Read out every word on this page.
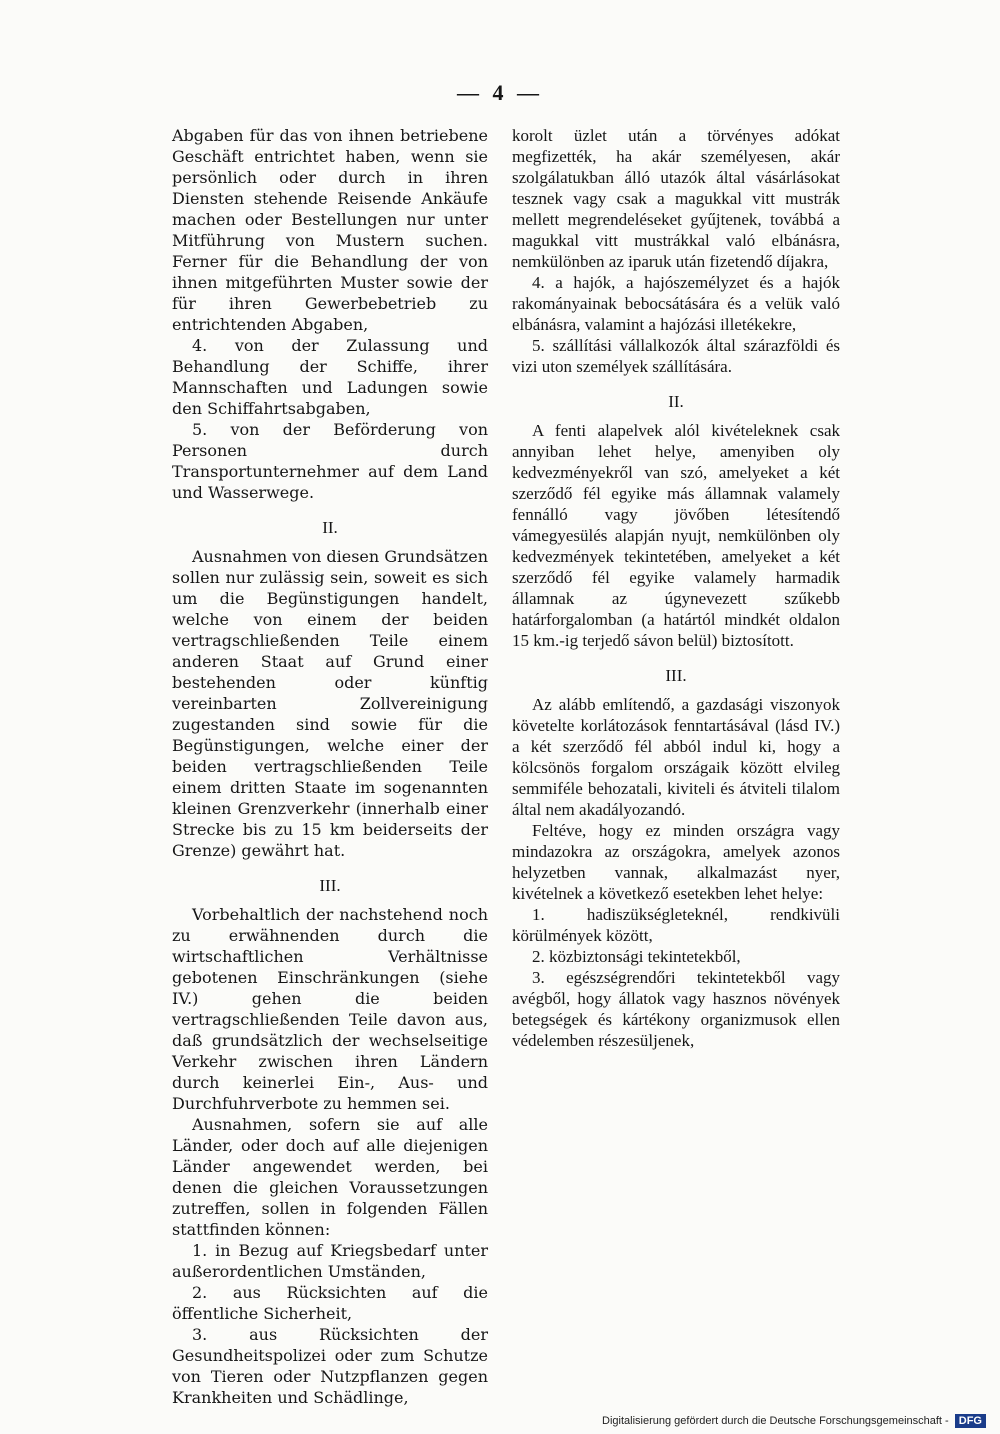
— 4 —

Abgaben für das von ihnen betriebene Geschäft entrichtet haben, wenn sie persönlich oder durch in ihren Diensten stehende Reisende Ankäufe machen oder Bestellungen nur unter Mitführung von Mustern suchen. Ferner für die Behandlung der von ihnen mitgeführten Muster sowie der für ihren Gewerbebetrieb zu entrichtenden Abgaben,

4. von der Zulassung und Behandlung der Schiffe, ihrer Mannschaften und Ladungen sowie den Schiffahrtsabgaben,

5. von der Beförderung von Personen durch Transportunternehmer auf dem Land und Wasserwege.

II.

Ausnahmen von diesen Grundsätzen sollen nur zulässig sein, soweit es sich um die Begünstigungen handelt, welche von einem der beiden vertragschließenden Teile einem anderen Staat auf Grund einer bestehenden oder künftig vereinbarten Zollvereinigung zugestanden sind sowie für die Begünstigungen, welche einer der beiden vertragschließenden Teile einem dritten Staate im sogenannten kleinen Grenzverkehr (innerhalb einer Strecke bis zu 15 km beiderseits der Grenze) gewährt hat.

III.

Vorbehaltlich der nachstehend noch zu erwähnenden durch die wirtschaftlichen Verhältnisse gebotenen Einschränkungen (siehe IV.) gehen die beiden vertragschließenden Teile davon aus, daß grundsätzlich der wechselseitige Verkehr zwischen ihren Ländern durch keinerlei Ein-, Aus- und Durchfuhrverbote zu hemmen sei.

Ausnahmen, sofern sie auf alle Länder, oder doch auf alle diejenigen Länder angewendet werden, bei denen die gleichen Voraussetzungen zutreffen, sollen in folgenden Fällen stattfinden können:

1. in Bezug auf Kriegsbedarf unter außerordentlichen Umständen,

2. aus Rücksichten auf die öffentliche Sicherheit,

3. aus Rücksichten der Gesundheitspolizei oder zum Schutze von Tieren oder Nutzpflanzen gegen Krankheiten und Schädlinge,

korolt üzlet után a törvényes adókat megfizették, ha akár személyesen, akár szolgálatukban álló utazók által vásárlásokat tesznek vagy csak a magukkal vitt mustrák mellett megrendeléseket gyűjtenek, továbbá a magukkal vitt mustrákkal való elbánásra, nemkülönben az iparuk után fizetendő díjakra,

4. a hajók, a hajószemélyzet és a hajók rakományainak bebocsátására és a velük való elbánásra, valamint a hajózási illetékekre,

5. szállítási vállalkozók által szárazföldi és vizi uton személyek szállítására.

II.

A fenti alapelvek alól kivételeknek csak annyiban lehet helye, amenyiben oly kedvezményekről van szó, amelyeket a két szerződő fél egyike más államnak valamely fennálló vagy jövőben létesítendő vámegyesülés alapján nyujt, nemkülönben oly kedvezmények tekintetében, amelyeket a két szerződő fél egyike valamely harmadik államnak az úgynevezett szűkebb határforgalomban (a határtól mindkét oldalon 15 km.-ig terjedő sávon belül) biztosított.

III.

Az alább említendő, a gazdasági viszonyok követelte korlátozások fenntartásával (lásd IV.) a két szerződő fél abból indul ki, hogy a kölcsönös forgalom országaik között elvileg semmiféle behozatali, kiviteli és átviteli tilalom által nem akadályozandó.

Feltéve, hogy ez minden országra vagy mindazokra az országokra, amelyek azonos helyzetben vannak, alkalmazást nyer, kivételnek a következő esetekben lehet helye:

1. hadiszükségleteknél, rendkivüli körülmények között,

2. közbiztonsági tekintetekből,

3. egészségrendőri tekintetekből vagy avégből, hogy állatok vagy hasznos növények betegségek és kártékony organizmusok ellen védelemben részesüljenek,

Digitalisierung gefördert durch die Deutsche Forschungsgemeinschaft - DFG
